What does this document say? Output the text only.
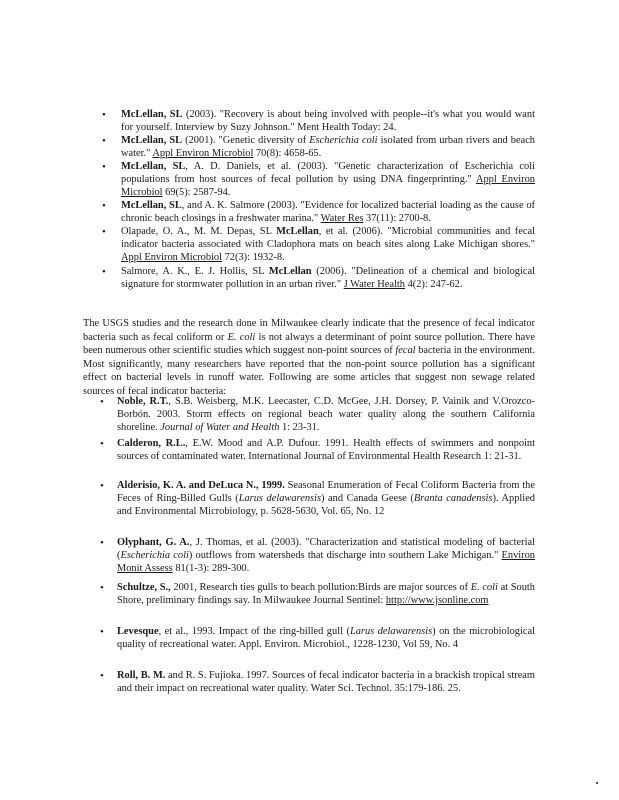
• McLellan, SL (2003). "Recovery is about being involved with people--it's what you would want for yourself. Interview by Suzy Johnson." Ment Health Today: 24.
• McLellan, SL (2001). "Genetic diversity of Escherichia coli isolated from urban rivers and beach water." Appl Environ Microbiol 70(8): 4658-65.
• McLellan, SL, A. D. Daniels, et al. (2003). "Genetic characterization of Escherichia coli populations from host sources of fecal pollution by using DNA fingerprinting." Appl Environ Microbiol 69(5): 2587-94.
• McLellan, SL, and A. K. Salmore (2003). "Evidence for localized bacterial loading as the cause of chronic beach closings in a freshwater marina." Water Res 37(11): 2700-8.
• Olapade, O. A., M. M. Depas, SL McLellan, et al. (2006). "Microbial communities and fecal indicator bacteria associated with Cladophora mats on beach sites along Lake Michigan shores." Appl Environ Microbiol 72(3): 1932-8.
• Salmore, A. K., E. J. Hollis, SL McLellan (2006). "Delineation of a chemical and biological signature for stormwater pollution in an urban river." J Water Health 4(2): 247-62.

The USGS studies and the research done in Milwaukee clearly indicate that the presence of fecal indicator bacteria such as fecal coliform or E. coli is not always a determinant of point source pollution. There have been numerous other scientific studies which suggest non-point sources of fecal bacteria in the environment. Most significantly, many researchers have reported that the non-point source pollution has a significant effect on bacterial levels in runoff water. Following are some articles that suggest non sewage related sources of fecal indicator bacteria:

• Noble, R.T., S.B. Weisberg, M.K. Leecaster, C.D. McGee, J.H. Dorsey, P. Vainik and V.Orozco-Borbón. 2003. Storm effects on regional beach water quality along the southern California shoreline. Journal of Water and Health 1: 23-31.
• Calderon, R.L., E.W. Mood and A.P. Dufour. 1991. Health effects of swimmers and nonpoint sources of contaminated water. International Journal of Environmental Health Research 1: 21-31.
• Alderisio, K. A. and DeLuca N., 1999. Seasonal Enumeration of Fecal Coliform Bacteria from the Feces of Ring-Billed Gulls (Larus delawarensis) and Canada Geese (Branta canadensis). Applied and Environmental Microbiology, p. 5628-5630, Vol. 65, No. 12
• Olyphant, G. A., J. Thomas, et al. (2003). "Characterization and statistical modeling of bacterial (Escherichia coli) outflows from watersheds that discharge into southern Lake Michigan." Environ Monit Assess 81(1-3): 289-300.
• Schultze, S., 2001, Research ties gulls to beach pollution:Birds are major sources of E. coli at South Shore, preliminary findings say. In Milwaukee Journal Sentinel: http://www.jsonline.com
• Levesque, et al., 1993. Impact of the ring-billed gull (Larus delawarensis) on the microbiological quality of recreational water. Appl. Environ. Microbiol., 1228-1230, Vol 59, No. 4
• Roll, B. M. and R. S. Fujioka. 1997. Sources of fecal indicator bacteria in a brackish tropical stream and their impact on recreational water quality. Water Sci. Technol. 35:179-186. 25.
